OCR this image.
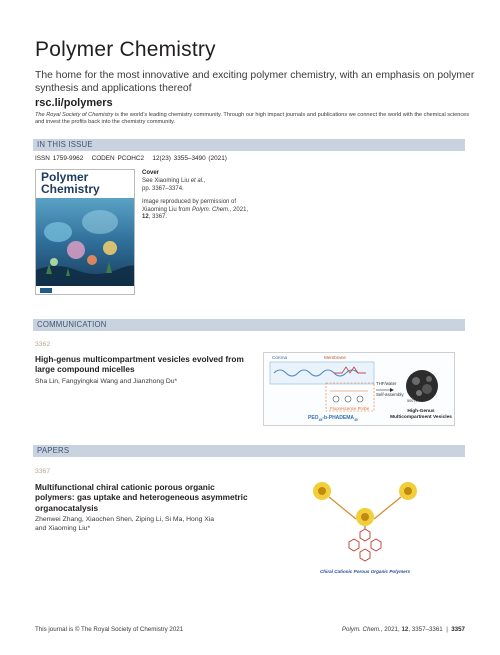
Polymer Chemistry

The home for the most innovative and exciting polymer chemistry, with an emphasis on polymer synthesis and applications thereof

rsc.li/polymers

The Royal Society of Chemistry is the world’s leading chemistry community. Through our high impact journals and publications we connect the world with the chemical sciences and invest the profits back into the chemistry community.

IN THIS ISSUE
ISSN 1759-9962 CODEN PCOHC2 12(23) 3355–3490 (2021)
Polymer
Chemistry
Cover
See Xiaoming Liu et al.,
pp. 3367–3374.
Image reproduced by permission of Xiaoming Liu from Polym. Chem., 2021, 12, 3367.
COMMUNICATION
3362
High-genus multicompartment vesicles evolved from large compound micelles
Sha Lin, Fangyingkai Wang and Jianzhong Du*
Corona	Membrane
Fluorescence Probe
THF/water
Self-assembly
$PEO_{45}-b-PHADEMA_{40}$
500 nm
High-Genus
Multicompartment Vesicles
PAPERS
3367
Multifunctional chiral cationic porous organic polymers: gas uptake and heterogeneous asymmetric organocatalysis
Zhenwei Zhang, Xiaochen Shen, Ziping Li, Si Ma, Hong Xia and Xiaoming Liu*
Chiral Cationic Porous Organic Polymers
This journal is © The Royal Society of Chemistry 2021	Polym. Chem., 2021, 12, 3357–3361  |  3357
